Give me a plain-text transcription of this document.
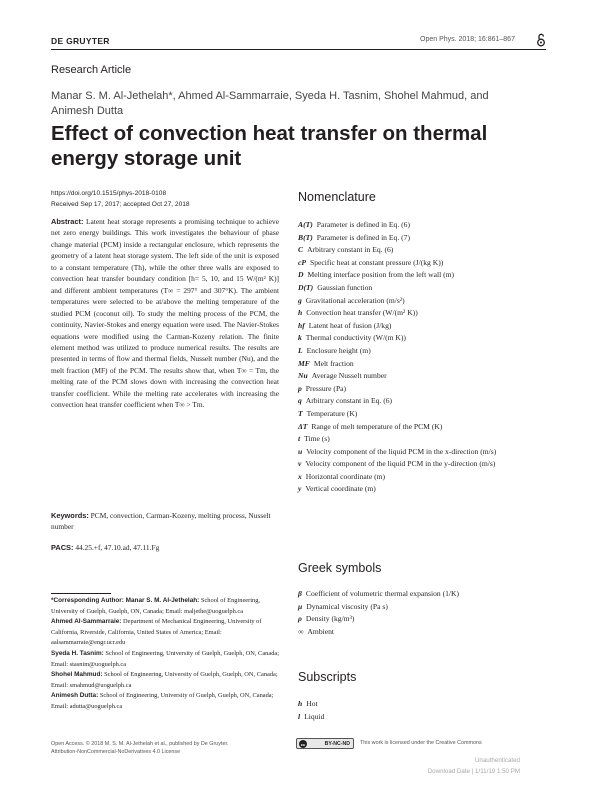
DE GRUYTER	Open Phys. 2018; 16:861–867
Research Article
Manar S. M. Al-Jethelah*, Ahmed Al-Sammarraie, Syeda H. Tasnim, Shohel Mahmud, and Animesh Dutta
Effect of convection heat transfer on thermal energy storage unit
https://doi.org/10.1515/phys-2018-0108
Received Sep 17, 2017; accepted Oct 27, 2018
Abstract: Latent heat storage represents a promising technique to achieve net zero energy buildings. This work investigates the behaviour of phase change material (PCM) inside a rectangular enclosure, which represents the geometry of a latent heat storage system. The left side of the unit is exposed to a constant temperature (Th), while the other three walls are exposed to convection heat transfer boundary condition [h= 5, 10, and 15 W/(m² K)] and different ambient temperatures (T∞ = 297° and 307°K). The ambient temperatures were selected to be at/above the melting temperature of the studied PCM (coconut oil). To study the melting process of the PCM, the continuity, Navier-Stokes and energy equation were used. The Navier-Stokes equations were modified using the Carman-Kozeny relation. The finite element method was utilized to produce numerical results. The results are presented in terms of flow and thermal fields, Nusselt number (Nu), and the melt fraction (MF) of the PCM. The results show that, when T∞ = Tm, the melting rate of the PCM slows down with increasing the convection heat transfer coefficient. While the melting rate accelerates with increasing the convection heat transfer coefficient when T∞ > Tm.
Keywords: PCM, convection, Carman-Kozeny, melting process, Nusselt number
PACS: 44.25.+f, 47.10.ad, 47.11.Fg
*Corresponding Author: Manar S. M. Al-Jethelah: School of Engineering, University of Guelph, Guelph, ON, Canada; Email: maljethe@uoguelph.ca
Ahmed Al-Sammarraie: Department of Mechanical Engineering, University of California, Riverside, California, United States of America; Email: aalsammarraie@engr.ucr.edu
Syeda H. Tasnim: School of Engineering, University of Guelph, Guelph, ON, Canada; Email: stasnim@uoguelph.ca
Shohel Mahmud: School of Engineering, University of Guelph, Guelph, ON, Canada; Email: smahmud@uoguelph.ca
Animesh Dutta: School of Engineering, University of Guelph, Guelph, ON, Canada; Email: adutta@uoguelph.ca
Nomenclature
A(T) Parameter is defined in Eq. (6)
B(T) Parameter is defined in Eq. (7)
C Arbitrary constant in Eq. (6)
cP Specific heat at constant pressure (J/(kg K))
D Melting interface position from the left wall (m)
D(T) Gaussian function
g Gravitational acceleration (m/s²)
h Convection heat transfer (W/(m² K))
hf Latent heat of fusion (J/kg)
k Thermal conductivity (W/(m K))
L Enclosure height (m)
MF Melt fraction
Nu Average Nusselt number
p Pressure (Pa)
q Arbitrary constant in Eq. (6)
T Temperature (K)
ΔT Range of melt temperature of the PCM (K)
t Time (s)
u Velocity component of the liquid PCM in the x-direction (m/s)
v Velocity component of the liquid PCM in the y-direction (m/s)
x Horizontal coordinate (m)
y Vertical coordinate (m)
Greek symbols
β Coefficient of volumetric thermal expansion (1/K)
μ Dynamical viscosity (Pa s)
ρ Density (kg/m³)
∞ Ambient
Subscripts
h Hot
l Liquid
Open Access. © 2018 M. S. M. Al-Jethelah et al., published by De Gruyter.
Attribution-NonCommercial-NoDerivatives 4.0 License
cc	BY-NC-ND This work is licensed under the Creative Commons
Unauthenticated
Download Date | 1/11/19 1:50 PM
